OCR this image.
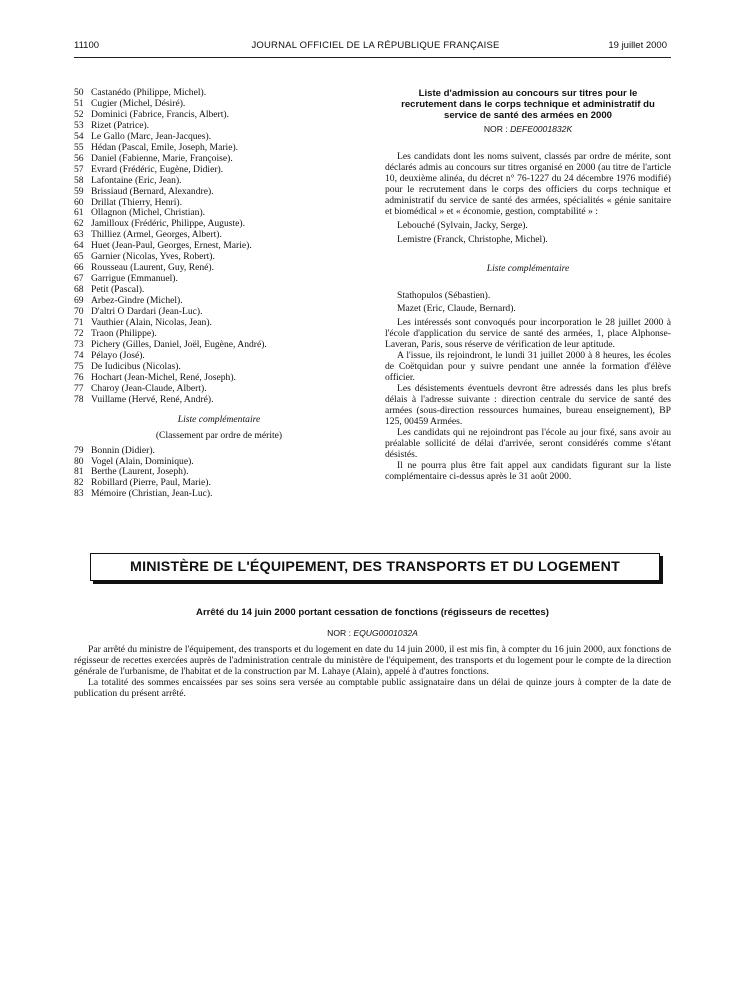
11100	JOURNAL OFFICIEL DE LA RÉPUBLIQUE FRANÇAISE	19 juillet 2000
50 Castanédo (Philippe, Michel).
51 Cugier (Michel, Désiré).
52 Dominici (Fabrice, Francis, Albert).
53 Rizet (Patrice).
54 Le Gallo (Marc, Jean-Jacques).
55 Hédan (Pascal, Emile, Joseph, Marie).
56 Daniel (Fabienne, Marie, Françoise).
57 Evrard (Frédéric, Eugène, Didier).
58 Lafontaine (Eric, Jean).
59 Brissiaud (Bernard, Alexandre).
60 Drillat (Thierry, Henri).
61 Ollagnon (Michel, Christian).
62 Jamilloux (Frédéric, Philippe, Auguste).
63 Thilliez (Armel, Georges, Albert).
64 Huet (Jean-Paul, Georges, Ernest, Marie).
65 Garnier (Nicolas, Yves, Robert).
66 Rousseau (Laurent, Guy, René).
67 Garrigue (Emmanuel).
68 Petit (Pascal).
69 Arbez-Gindre (Michel).
70 D'altri O Dardari (Jean-Luc).
71 Vauthier (Alain, Nicolas, Jean).
72 Traon (Philippe).
73 Pichery (Gilles, Daniel, Joël, Eugène, André).
74 Pélayo (José).
75 De Iudicibus (Nicolas).
76 Hochart (Jean-Michel, René, Joseph).
77 Charoy (Jean-Claude, Albert).
78 Vuillame (Hervé, René, André).
Liste complémentaire
(Classement par ordre de mérite)
79 Bonnin (Didier).
80 Vogel (Alain, Dominique).
81 Berthe (Laurent, Joseph).
82 Robillard (Pierre, Paul, Marie).
83 Mémoire (Christian, Jean-Luc).
Liste d'admission au concours sur titres pour le recrutement dans le corps technique et administratif du service de santé des armées en 2000
NOR : DEFE0001832K

Les candidats dont les noms suivent, classés par ordre de mérite, sont déclarés admis au concours sur titres organisé en 2000 (au titre de l'article 10, deuxième alinéa, du décret n° 76-1227 du 24 décembre 1976 modifié) pour le recrutement dans le corps des officiers du corps technique et administratif du service de santé des armées, spécialités « génie sanitaire et biomédical » et « économie, gestion, comptabilité » :

Lebouché (Sylvain, Jacky, Serge).
Lemistre (Franck, Christophe, Michel).
Liste complémentaire
Stathopulos (Sébastien).
Mazet (Eric, Claude, Bernard).

Les intéressés sont convoqués pour incorporation le 28 juillet 2000 à l'école d'application du service de santé des armées, 1, place Alphonse-Laveran, Paris, sous réserve de vérification de leur aptitude.

A l'issue, ils rejoindront, le lundi 31 juillet 2000 à 8 heures, les écoles de Coëtquidan pour y suivre pendant une année la formation d'élève officier.

Les désistements éventuels devront être adressés dans les plus brefs délais à l'adresse suivante : direction centrale du service de santé des armées (sous-direction ressources humaines, bureau enseignement), BP 125, 00459 Armées.

Les candidats qui ne rejoindront pas l'école au jour fixé, sans avoir au préalable sollicité de délai d'arrivée, seront considérés comme s'étant désistés.

Il ne pourra plus être fait appel aux candidats figurant sur la liste complémentaire ci-dessus après le 31 août 2000.

MINISTÈRE DE L'ÉQUIPEMENT, DES TRANSPORTS ET DU LOGEMENT
Arrêté du 14 juin 2000 portant cessation de fonctions (régisseurs de recettes)
NOR : EQUG0001032A

Par arrêté du ministre de l'équipement, des transports et du logement en date du 14 juin 2000, il est mis fin, à compter du 16 juin 2000, aux fonctions de régisseur de recettes exercées auprès de l'administration centrale du ministère de l'équipement, des transports et du logement pour le compte de la direction générale de l'urbanisme, de l'habitat et de la construction par M. Lahaye (Alain), appelé à d'autres fonctions.

La totalité des sommes encaissées par ses soins sera versée au comptable public assignataire dans un délai de quinze jours à compter de la date de publication du présent arrêté.
